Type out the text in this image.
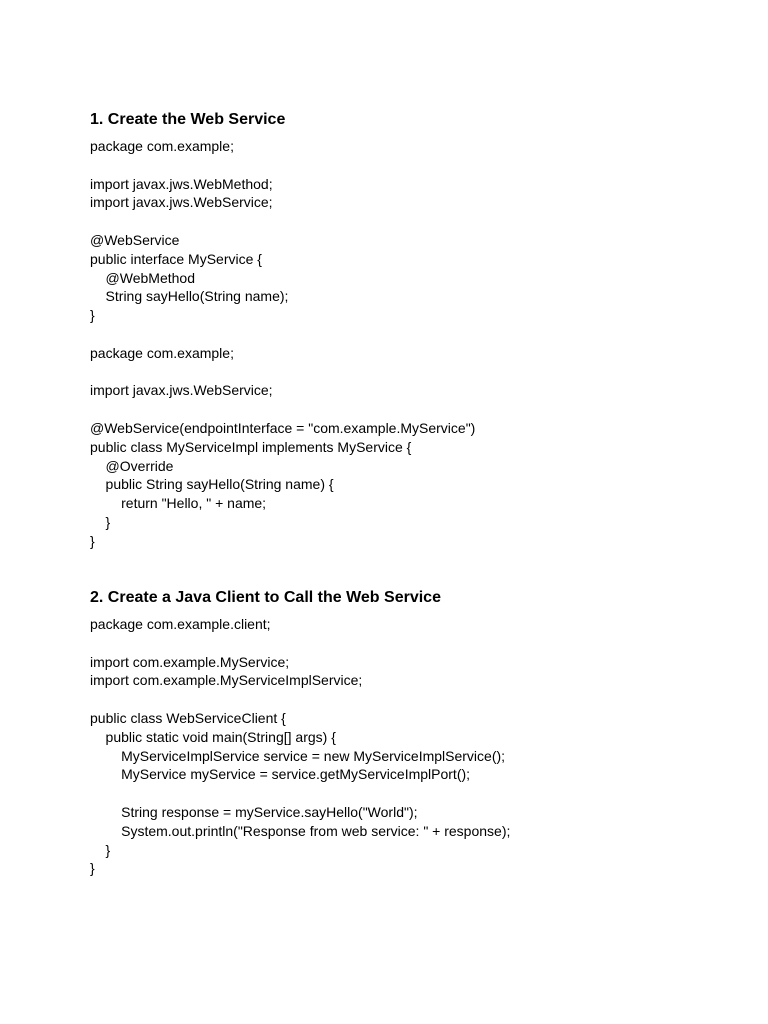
1. Create the Web Service
package com.example;
import javax.jws.WebMethod;
import javax.jws.WebService;
@WebService
public interface MyService {
@WebMethod
String sayHello(String name);
}
package com.example;
import javax.jws.WebService;
@WebService(endpointInterface = "com.example.MyService")
public class MyServiceImpl implements MyService {
@Override
public String sayHello(String name) {
return "Hello, " + name;
}
}
2. Create a Java Client to Call the Web Service
package com.example.client;
import com.example.MyService;
import com.example.MyServiceImplService;
public class WebServiceClient {
public static void main(String[] args) {
MyServiceImplService service = new MyServiceImplService();
MyService myService = service.getMyServiceImplPort();
String response = myService.sayHello("World");
System.out.println("Response from web service: " + response);
}
}
